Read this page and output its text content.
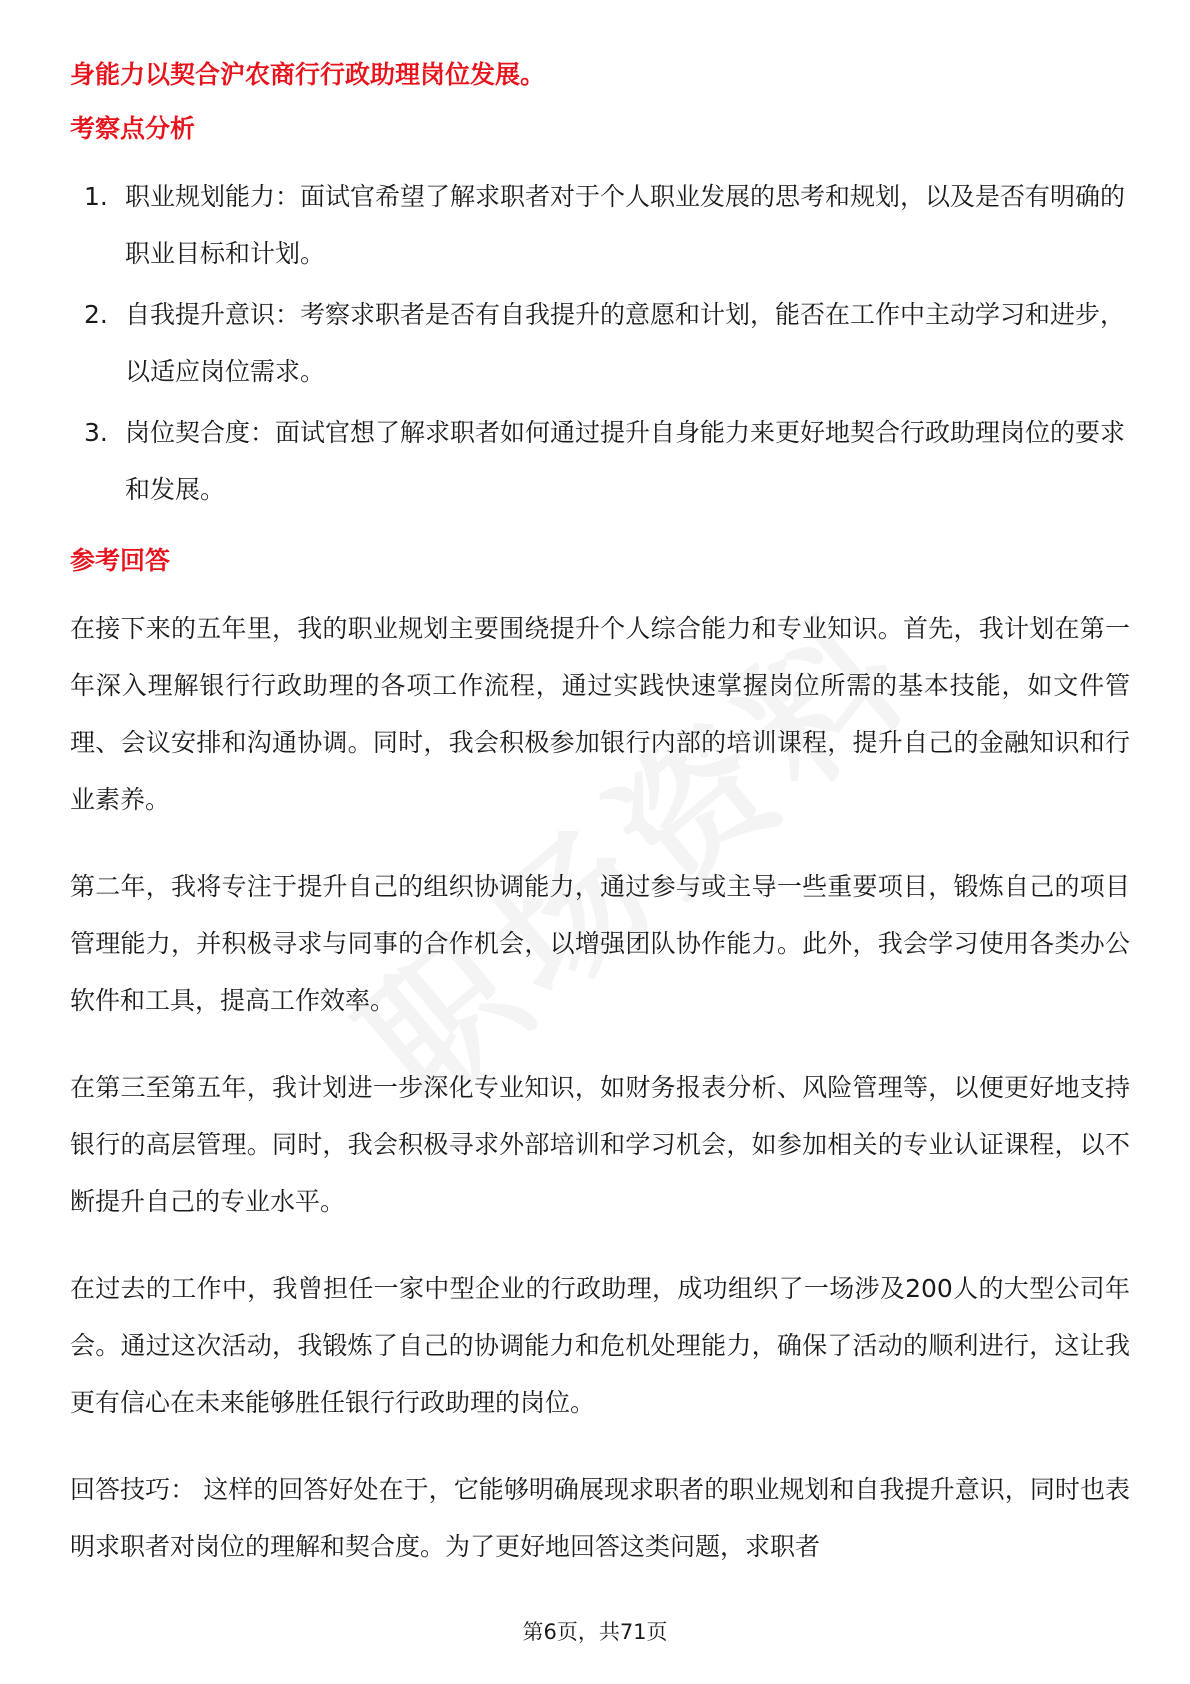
身能力以契合沪农商行行政助理岗位发展。

考察点分析

1. 职业规划能力：面试官希望了解求职者对于个人职业发展的思考和规划，以及是否有明确的职业目标和计划。
2. 自我提升意识：考察求职者是否有自我提升的意愿和计划，能否在工作中主动学习和进步，以适应岗位需求。
3. 岗位契合度：面试官想了解求职者如何通过提升自身能力来更好地契合行政助理岗位的要求和发展。

参考回答

在接下来的五年里，我的职业规划主要围绕提升个人综合能力和专业知识。首先，我计划在第一年深入理解银行行政助理的各项工作流程，通过实践快速掌握岗位所需的基本技能，如文件管理、会议安排和沟通协调。同时，我会积极参加银行内部的培训课程，提升自己的金融知识和行业素养。

第二年，我将专注于提升自己的组织协调能力，通过参与或主导一些重要项目，锻炼自己的项目管理能力，并积极寻求与同事的合作机会，以增强团队协作能力。此外，我会学习使用各类办公软件和工具，提高工作效率。

在第三至第五年，我计划进一步深化专业知识，如财务报表分析、风险管理等，以便更好地支持银行的高层管理。同时，我会积极寻求外部培训和学习机会，如参加相关的专业认证课程，以不断提升自己的专业水平。

在过去的工作中，我曾担任一家中型企业的行政助理，成功组织了一场涉及200人的大型公司年会。通过这次活动，我锻炼了自己的协调能力和危机处理能力，确保了活动的顺利进行，这让我更有信心在未来能够胜任银行行政助理的岗位。

回答技巧： 这样的回答好处在于，它能够明确展现求职者的职业规划和自我提升意识，同时也表明求职者对岗位的理解和契合度。为了更好地回答这类问题，求职者

第6页，共71页
